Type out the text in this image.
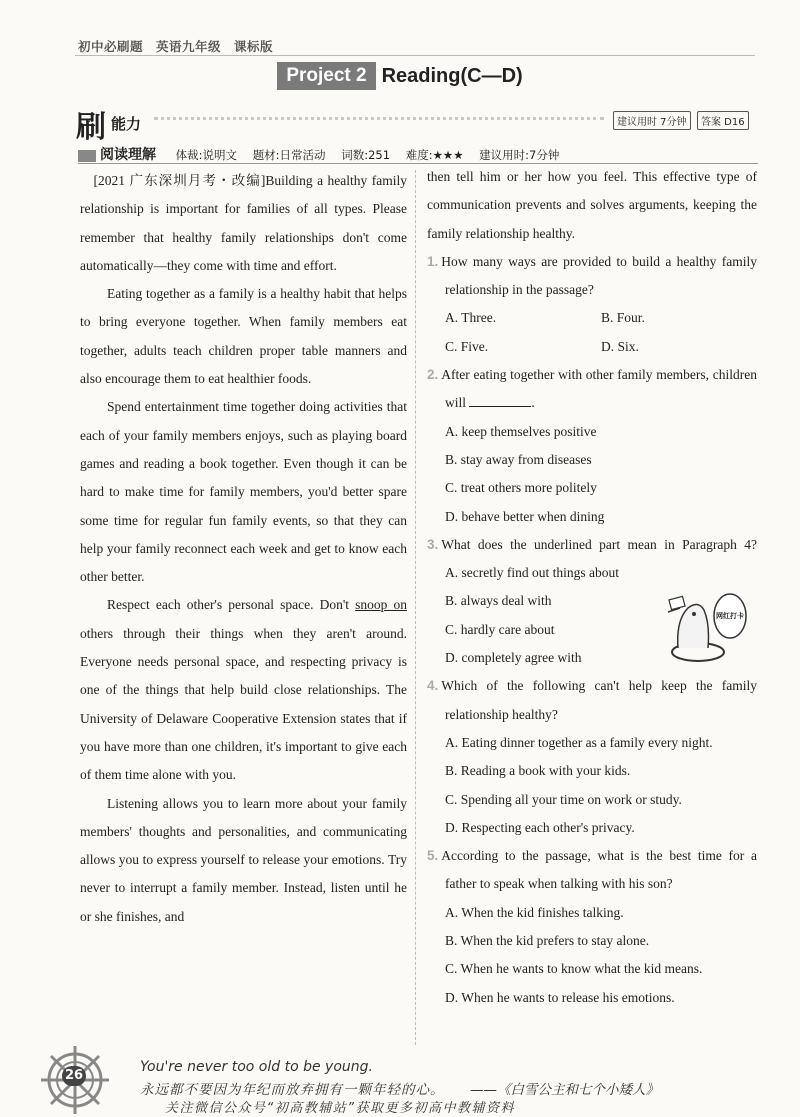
初中必刷题　英语九年级　课标版
Project 2 Reading(C—D)
刷 能力	建议用时 7分钟	答案 D16
阅读理解 体裁:说明文 题材:日常活动 词数:251 难度:★★★ 建议用时:7分钟

 [2021 广东深圳月考・改编]Building a healthy family relationship is important for families of all types. Please remember that healthy family relationships don't come automatically—they come with time and effort.

Eating together as a family is a healthy habit that helps to bring everyone together. When family members eat together, adults teach children proper table manners and also encourage them to eat healthier foods.

Spend entertainment time together doing activities that each of your family members enjoys, such as playing board games and reading a book together. Even though it can be hard to make time for family members, you'd better spare some time for regular fun family events, so that they can help your family reconnect each week and get to know each other better.

Respect each other's personal space. Don't snoop on others through their things when they aren't around. Everyone needs personal space, and respecting privacy is one of the things that help build close relationships. The University of Delaware Cooperative Extension states that if you have more than one children, it's important to give each of them time alone with you.

Listening allows you to learn more about your family members' thoughts and personalities, and communicating allows you to express yourself to release your emotions. Try never to interrupt a family member. Instead, listen until he or she finishes, and

then tell him or her how you feel. This effective type of communication prevents and solves arguments, keeping the family relationship healthy.

1. How many ways are provided to build a healthy family relationship in the passage?
A. Three.	B. Four.
C. Five.	D. Six.
2. After eating together with other family members, children will	.
A. keep themselves positive
B. stay away from diseases
C. treat others more politely
D. behave better when dining
3. What does the underlined part mean in Paragraph 4?
A. secretly find out things about
B. always deal with
C. hardly care about
D. completely agree with
4. Which of the following can't help keep the family relationship healthy?
A. Eating dinner together as a family every night.
B. Reading a book with your kids.
C. Spending all your time on work or study.
D. Respecting each other's privacy.
5. According to the passage, what is the best time for a father to speak when talking with his son?
A. When the kid finishes talking.
B. When the kid prefers to stay alone.
C. When he wants to know what the kid means.
D. When he wants to release his emotions.
网红打卡
26
You're never too old to be young.
永远都不要因为年纪而放弃拥有一颗年轻的心。 ——《白雪公主和七个小矮人》
关注微信公众号“初高教辅站”获取更多初高中教辅资料
